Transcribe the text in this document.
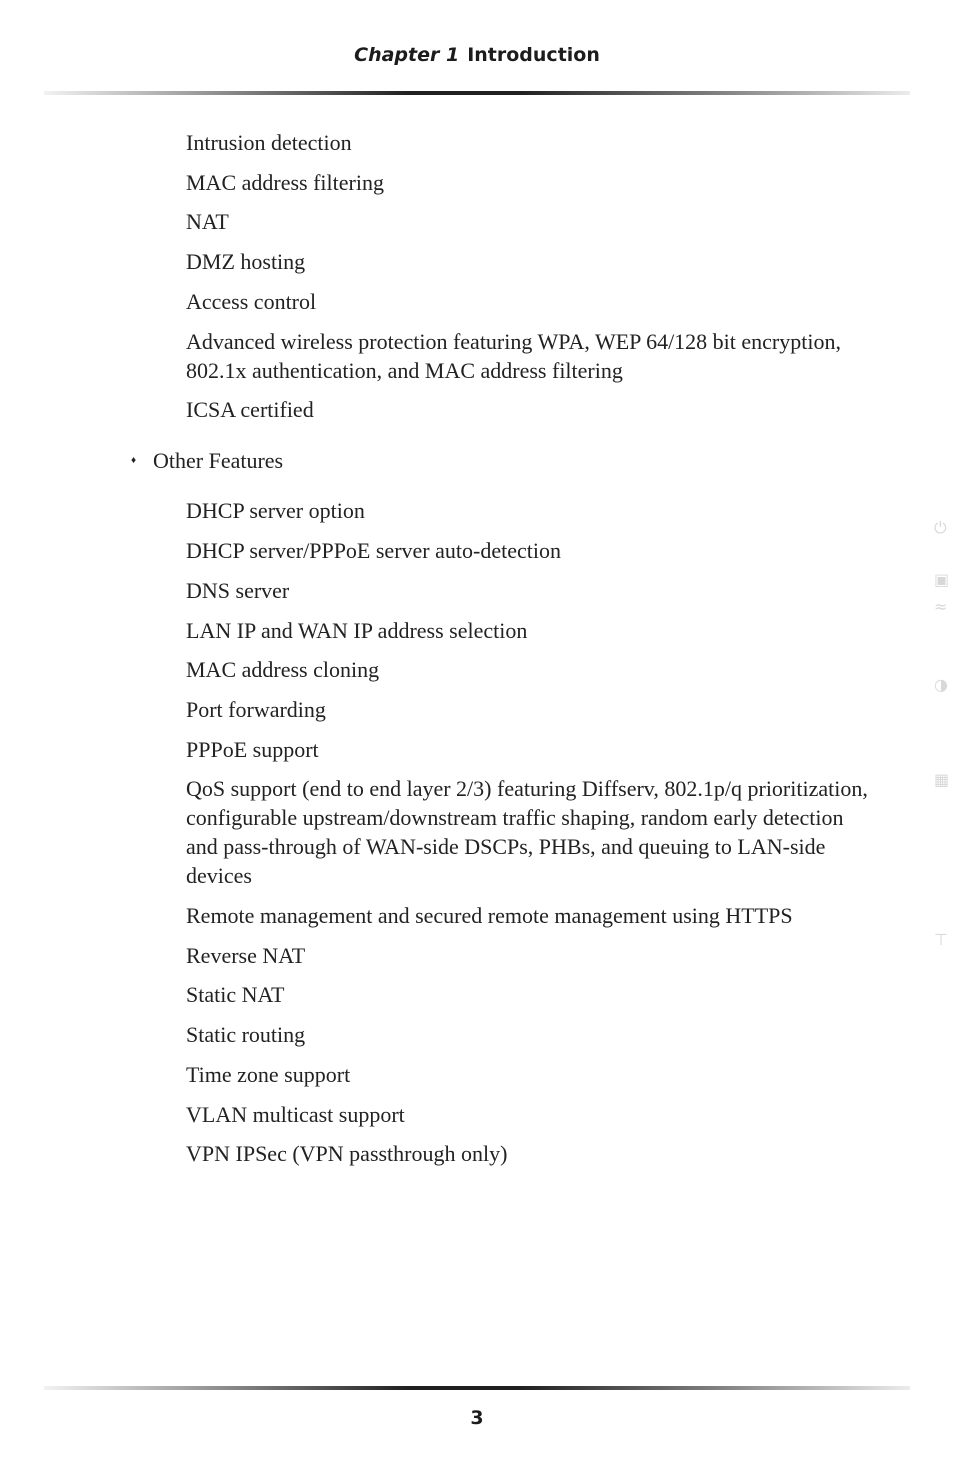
Chapter 1 Introduction
Intrusion detection
MAC address filtering
NAT
DMZ hosting
Access control
Advanced wireless protection featuring WPA, WEP 64/128 bit encryption, 802.1x authentication, and MAC address filtering
ICSA certified
♦ Other Features
DHCP server option
DHCP server/PPPoE server auto-detection
DNS server
LAN IP and WAN IP address selection
MAC address cloning
Port forwarding
PPPoE support
QoS support (end to end layer 2/3) featuring Diffserv, 802.1p/q prioritization, configurable upstream/downstream traffic shaping, random early detection and pass-through of WAN-side DSCPs, PHBs, and queuing to LAN-side devices
Remote management and secured remote management using HTTPS
Reverse NAT
Static NAT
Static routing
Time zone support
VLAN multicast support
VPN IPSec (VPN passthrough only)
⏻
▣
≈
◑
▦
⊤
3
